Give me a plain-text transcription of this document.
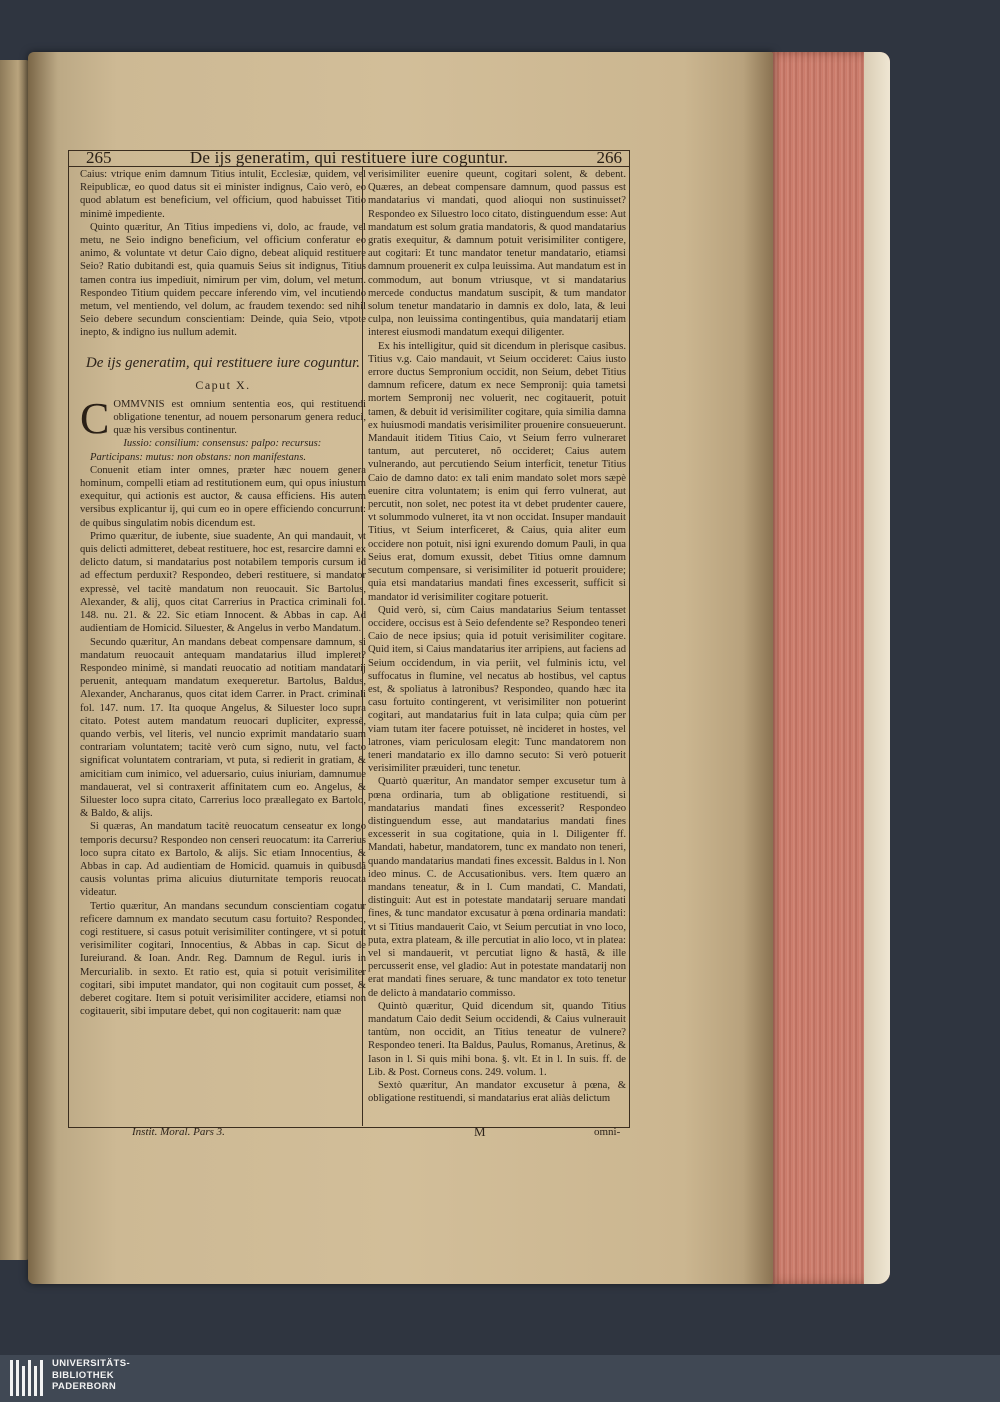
265	De ijs generatim, qui restituere iure coguntur.	266

Caius: vtrique enim damnum Titius intulit, Ecclesiæ, quidem, vel Reipublicæ, eo quod datus sit ei minister indignus, Caio verò, eo quod ablatum est beneficium, vel officium, quod habuisset Titio minimè impediente.

Quinto quæritur, An Titius impediens vi, dolo, ac fraude, vel metu, ne Seio indigno beneficium, vel officium conferatur eo animo, & voluntate vt detur Caio digno, debeat aliquid restituere Seio? Ratio dubitandi est, quia quamuis Seius sit indignus, Titius tamen contra ius impediuit, nimirum per vim, dolum, vel metum. Respondeo Titium quidem peccare inferendo vim, vel incutiendo metum, vel mentiendo, vel dolum, ac fraudem texendo: sed nihil Seio debere secundum conscientiam: Deinde, quia Seio, vtpote inepto, & indigno ius nullum ademit.

De ijs generatim, qui restituere iure coguntur.
Caput X.

COMMVNIS est omnium sententia eos, qui restituendi obligatione tenentur, ad nouem personarum genera reduci, quæ his versibus continentur.

Iussio: consilium: consensus: palpo: recursus:

Participans: mutus: non obstans: non manifestans.

Conuenit etiam inter omnes, præter hæc nouem genera hominum, compelli etiam ad restitutionem eum, qui opus iniustum exequitur, qui actionis est auctor, & causa efficiens. His autem versibus explicantur ij, qui cum eo in opere efficiendo concurrunt: de quibus singulatim nobis dicendum est.

Primo quæritur, de iubente, siue suadente, An qui mandauit, vt quis delicti admitteret, debeat restituere, hoc est, resarcire damni ex delicto datum, si mandatarius post notabilem temporis cursum id ad effectum perduxit? Respondeo, deberi restituere, si mandator expressè, vel tacitè mandatum non reuocauit. Sic Bartolus, Alexander, & alij, quos citat Carrerius in Practica criminali fol. 148. nu. 21. & 22. Sic etiam Innocent. & Abbas in cap. Ad audientiam de Homicid. Siluester, & Angelus in verbo Mandatum.

Secundo quæritur, An mandans debeat compensare damnum, si mandatum reuocauit antequam mandatarius illud impleret? Respondeo minimè, si mandati reuocatio ad notitiam mandatarij peruenit, antequam mandatum exequeretur. Bartolus, Baldus, Alexander, Ancharanus, quos citat idem Carrer. in Pract. criminali fol. 147. num. 17. Ita quoque Angelus, & Siluester loco supra citato. Potest autem mandatum reuocari dupliciter, expressè, quando verbis, vel literis, vel nuncio exprimit mandatario suam contrariam voluntatem; tacitè verò cum signo, nutu, vel facto significat voluntatem contrariam, vt puta, si redierit in gratiam, & amicitiam cum inimico, vel aduersario, cuius iniuriam, damnumue mandauerat, vel si contraxerit affinitatem cum eo. Angelus, & Siluester loco supra citato, Carrerius loco præallegato ex Bartolo, & Baldo, & alijs.

Si quæras, An mandatum tacitè reuocatum censeatur ex longo temporis decursu? Respondeo non censeri reuocatum: ita Carrerius loco supra citato ex Bartolo, & alijs. Sic etiam Innocentius, & Abbas in cap. Ad audientiam de Homicid. quamuis in quibusdã causis voluntas prima alicuius diuturnitate temporis reuocata videatur.

Tertio quæritur, An mandans secundum conscientiam cogatur reficere damnum ex mandato secutum casu fortuito? Respondeo, cogi restituere, si casus potuit verisimiliter contingere, vt si potuit verisimiliter cogitari, Innocentius, & Abbas in cap. Sicut de Iureiurand. & Ioan. Andr. Reg. Damnum de Regul. iuris in Mercurialib. in sexto. Et ratio est, quia si potuit verisimiliter cogitari, sibi imputet mandator, qui non cogitauit cum posset, & deberet cogitare. Item si potuit verisimiliter accidere, etiamsi non cogitauerit, sibi imputare debet, qui non cogitauerit: nam quæ

verisimiliter euenire queunt, cogitari solent, & debent. Quæres, an debeat compensare damnum, quod passus est mandatarius vi mandati, quod alioqui non sustinuisset? Respondeo ex Siluestro loco citato, distinguendum esse: Aut mandatum est solum gratia mandatoris, & quod mandatarius gratis exequitur, & damnum potuit verisimiliter contigere, aut cogitari: Et tunc mandator tenetur mandatario, etiamsi damnum prouenerit ex culpa leuissima. Aut mandatum est in commodum, aut bonum vtriusque, vt si mandatarius mercede conductus mandatum suscipit, & tum mandator solum tenetur mandatario in damnis ex dolo, lata, & leui culpa, non leuissima contingentibus, quia mandatarij etiam interest eiusmodi mandatum exequi diligenter.

Ex his intelligitur, quid sit dicendum in plerisque casibus. Titius v.g. Caio mandauit, vt Seium occideret: Caius iusto errore ductus Sempronium occidit, non Seium, debet Titius damnum reficere, datum ex nece Sempronij: quia tametsi mortem Sempronij nec voluerit, nec cogitauerit, potuit tamen, & debuit id verisimiliter cogitare, quia similia damna ex huiusmodi mandatis verisimiliter prouenire consueuerunt. Mandauit itidem Titius Caio, vt Seium ferro vulneraret tantum, aut percuteret, nõ occideret; Caius autem vulnerando, aut percutiendo Seium interficit, tenetur Titius Caio de damno dato: ex tali enim mandato solet mors sæpè euenire citra voluntatem; is enim qui ferro vulnerat, aut percutit, non solet, nec potest ita vt debet prudenter cauere, vt solummodo vulneret, ita vt non occidat. Insuper mandauit Titius, vt Seium interficeret, & Caius, quia aliter eum occidere non potuit, nisi igni exurendo domum Pauli, in qua Seius erat, domum exussit, debet Titius omne damnum secutum compensare, si verisimiliter id potuerit prouidere; quia etsi mandatarius mandati fines excesserit, sufficit si mandator id verisimiliter cogitare potuerit.

Quid verò, si, cùm Caius mandatarius Seium tentasset occidere, occisus est à Seio defendente se? Respondeo teneri Caio de nece ipsius; quia id potuit verisimiliter cogitare. Quid item, si Caius mandatarius iter arripiens, aut faciens ad Seium occidendum, in via periit, vel fulminis ictu, vel suffocatus in flumine, vel necatus ab hostibus, vel captus est, & spoliatus à latronibus? Respondeo, quando hæc ita casu fortuito contingerent, vt verisimiliter non potuerint cogitari, aut mandatarius fuit in lata culpa; quia cùm per viam tutam iter facere potuisset, nè incideret in hostes, vel latrones, viam periculosam elegit: Tunc mandatorem non teneri mandatario ex illo damno secuto: Si verò potuerit verisimiliter præuideri, tunc tenetur.

Quartò quæritur, An mandator semper excusetur tum à pœna ordinaria, tum ab obligatione restituendi, si mandatarius mandati fines excesserit? Respondeo distinguendum esse, aut mandatarius mandati fines excesserit in sua cogitatione, quia in l. Diligenter ff. Mandati, habetur, mandatorem, tunc ex mandato non teneri, quando mandatarius mandati fines excessit. Baldus in l. Non ideo minus. C. de Accusationibus. vers. Item quæro an mandans teneatur, & in l. Cum mandati, C. Mandati, distinguit: Aut est in potestate mandatarij seruare mandati fines, & tunc mandator excusatur à pœna ordinaria mandati: vt si Titius mandauerit Caio, vt Seium percutiat in vno loco, puta, extra plateam, & ille percutiat in alio loco, vt in platea: vel si mandauerit, vt percutiat ligno & hastâ, & ille percusserit ense, vel gladio: Aut in potestate mandatarij non erat mandati fines seruare, & tunc mandator ex toto tenetur de delicto à mandatario commisso.

Quintò quæritur, Quid dicendum sit, quando Titius mandatum Caio dedit Seium occidendi, & Caius vulnerauit tantùm, non occidit, an Titius teneatur de vulnere? Respondeo teneri. Ita Baldus, Paulus, Romanus, Aretinus, & Iason in l. Si quis mihi bona. §. vlt. Et in l. In suis. ff. de Lib. & Post. Corneus cons. 249. volum. 1.

Sextò quæritur, An mandator excusetur à pœna, & obligatione restituendi, si mandatarius erat aliàs delictum

Instit. Moral. Pars 3.	M	omni-
UNIVERSITÄTS-
BIBLIOTHEK
PADERBORN
